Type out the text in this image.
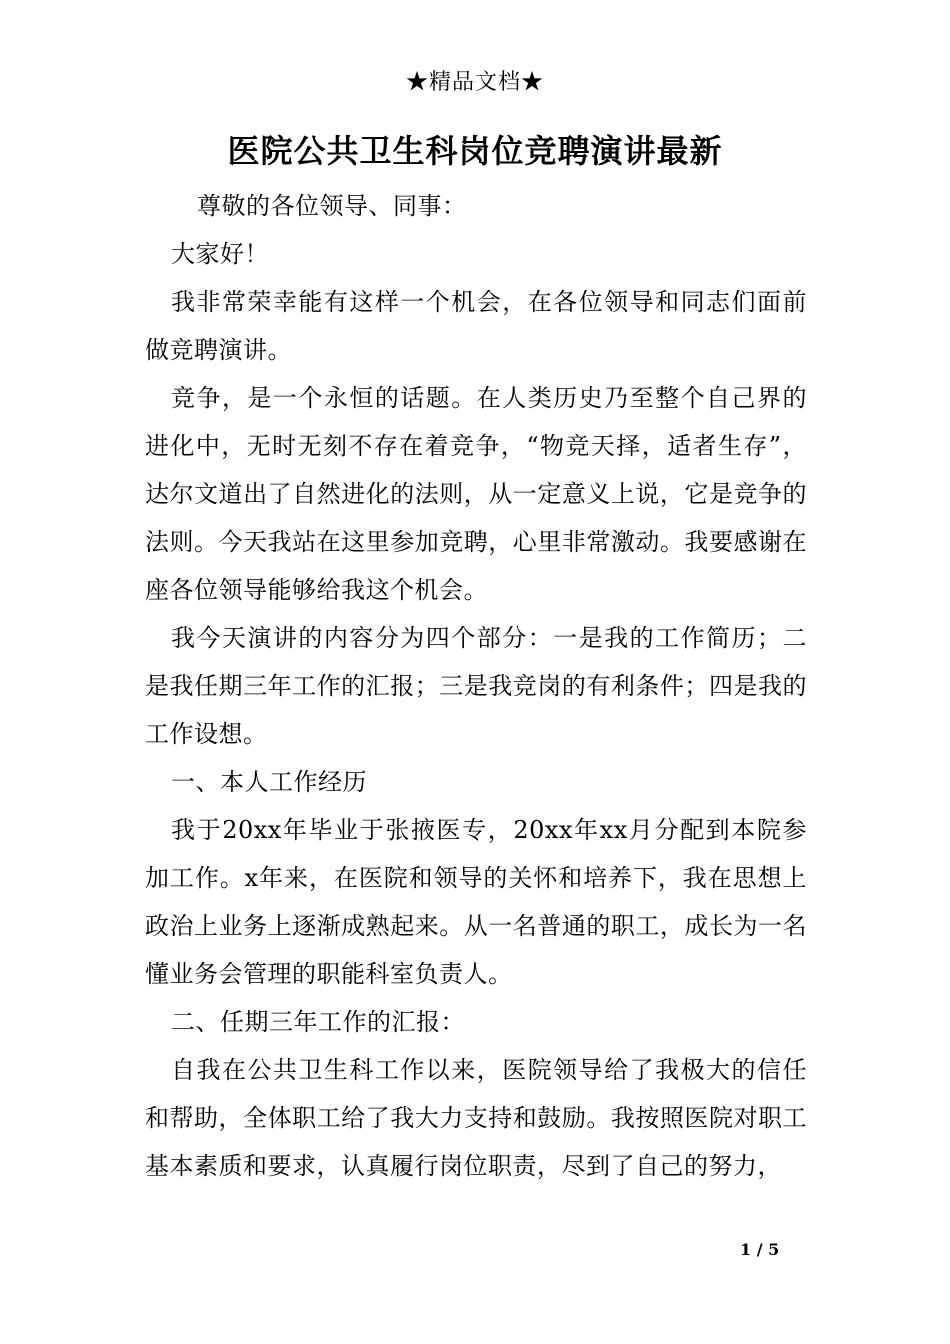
★精品文档★
医院公共卫生科岗位竞聘演讲最新

尊敬的各位领导、同事：

大家好！

我非常荣幸能有这样一个机会，在各位领导和同志们面前做竞聘演讲。

竞争，是一个永恒的话题。在人类历史乃至整个自己界的进化中，无时无刻不存在着竞争，“物竞天择，适者生存”，达尔文道出了自然进化的法则，从一定意义上说，它是竞争的法则。今天我站在这里参加竞聘，心里非常激动。我要感谢在座各位领导能够给我这个机会。

我今天演讲的内容分为四个部分：一是我的工作简历；二是我任期三年工作的汇报；三是我竞岗的有利条件；四是我的工作设想。

一、本人工作经历

我于20xx年毕业于张掖医专，20xx年xx月分配到本院参加工作。x年来，在医院和领导的关怀和培养下，我在思想上政治上业务上逐渐成熟起来。从一名普通的职工，成长为一名懂业务会管理的职能科室负责人。

二、任期三年工作的汇报：

自我在公共卫生科工作以来，医院领导给了我极大的信任和帮助，全体职工给了我大力支持和鼓励。我按照医院对职工基本素质和要求，认真履行岗位职责，尽到了自己的努力，

1 / 5
